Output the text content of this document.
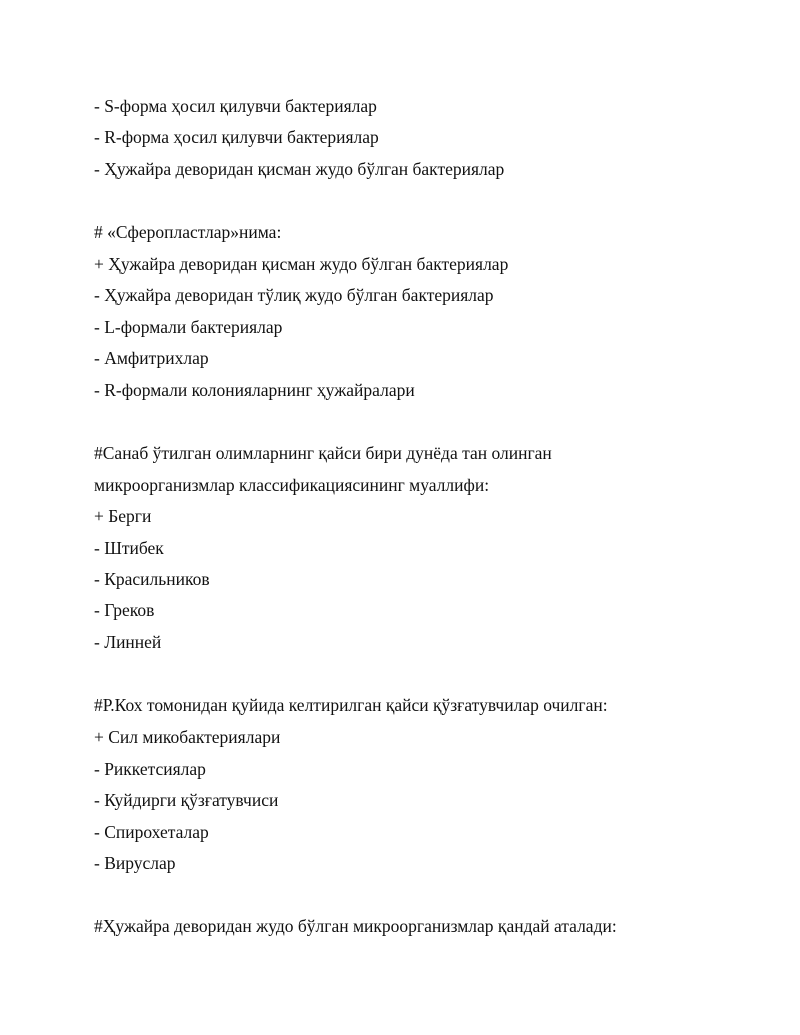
- S-форма ҳосил қилувчи бактериялар
- R-форма ҳосил қилувчи бактериялар
- Ҳужайра деворидан қисман жудо бўлган бактериялар
# «Сферопластлар»нима:
+ Ҳужайра деворидан қисман жудо бўлган бактериялар
- Ҳужайра деворидан тўлиқ жудо бўлган бактериялар
- L-формали бактериялар
- Амфитрихлар
- R-формали колонияларнинг ҳужайралари
#Санаб ўтилган олимларнинг қайси бири дунёда тан олинган
микроорганизмлар классификациясининг муаллифи:
+ Берги
- Штибек
- Красильников
- Греков
- Линней
#Р.Кох томонидан қуйида келтирилган қайси қўзғатувчилар очилган:
+ Сил микобактериялари
- Риккетсиялар
- Куйдирги қўзғатувчиси
- Спирохеталар
- Вируслар
#Ҳужайра деворидан жудо бўлган микроорганизмлар қандай аталади:
